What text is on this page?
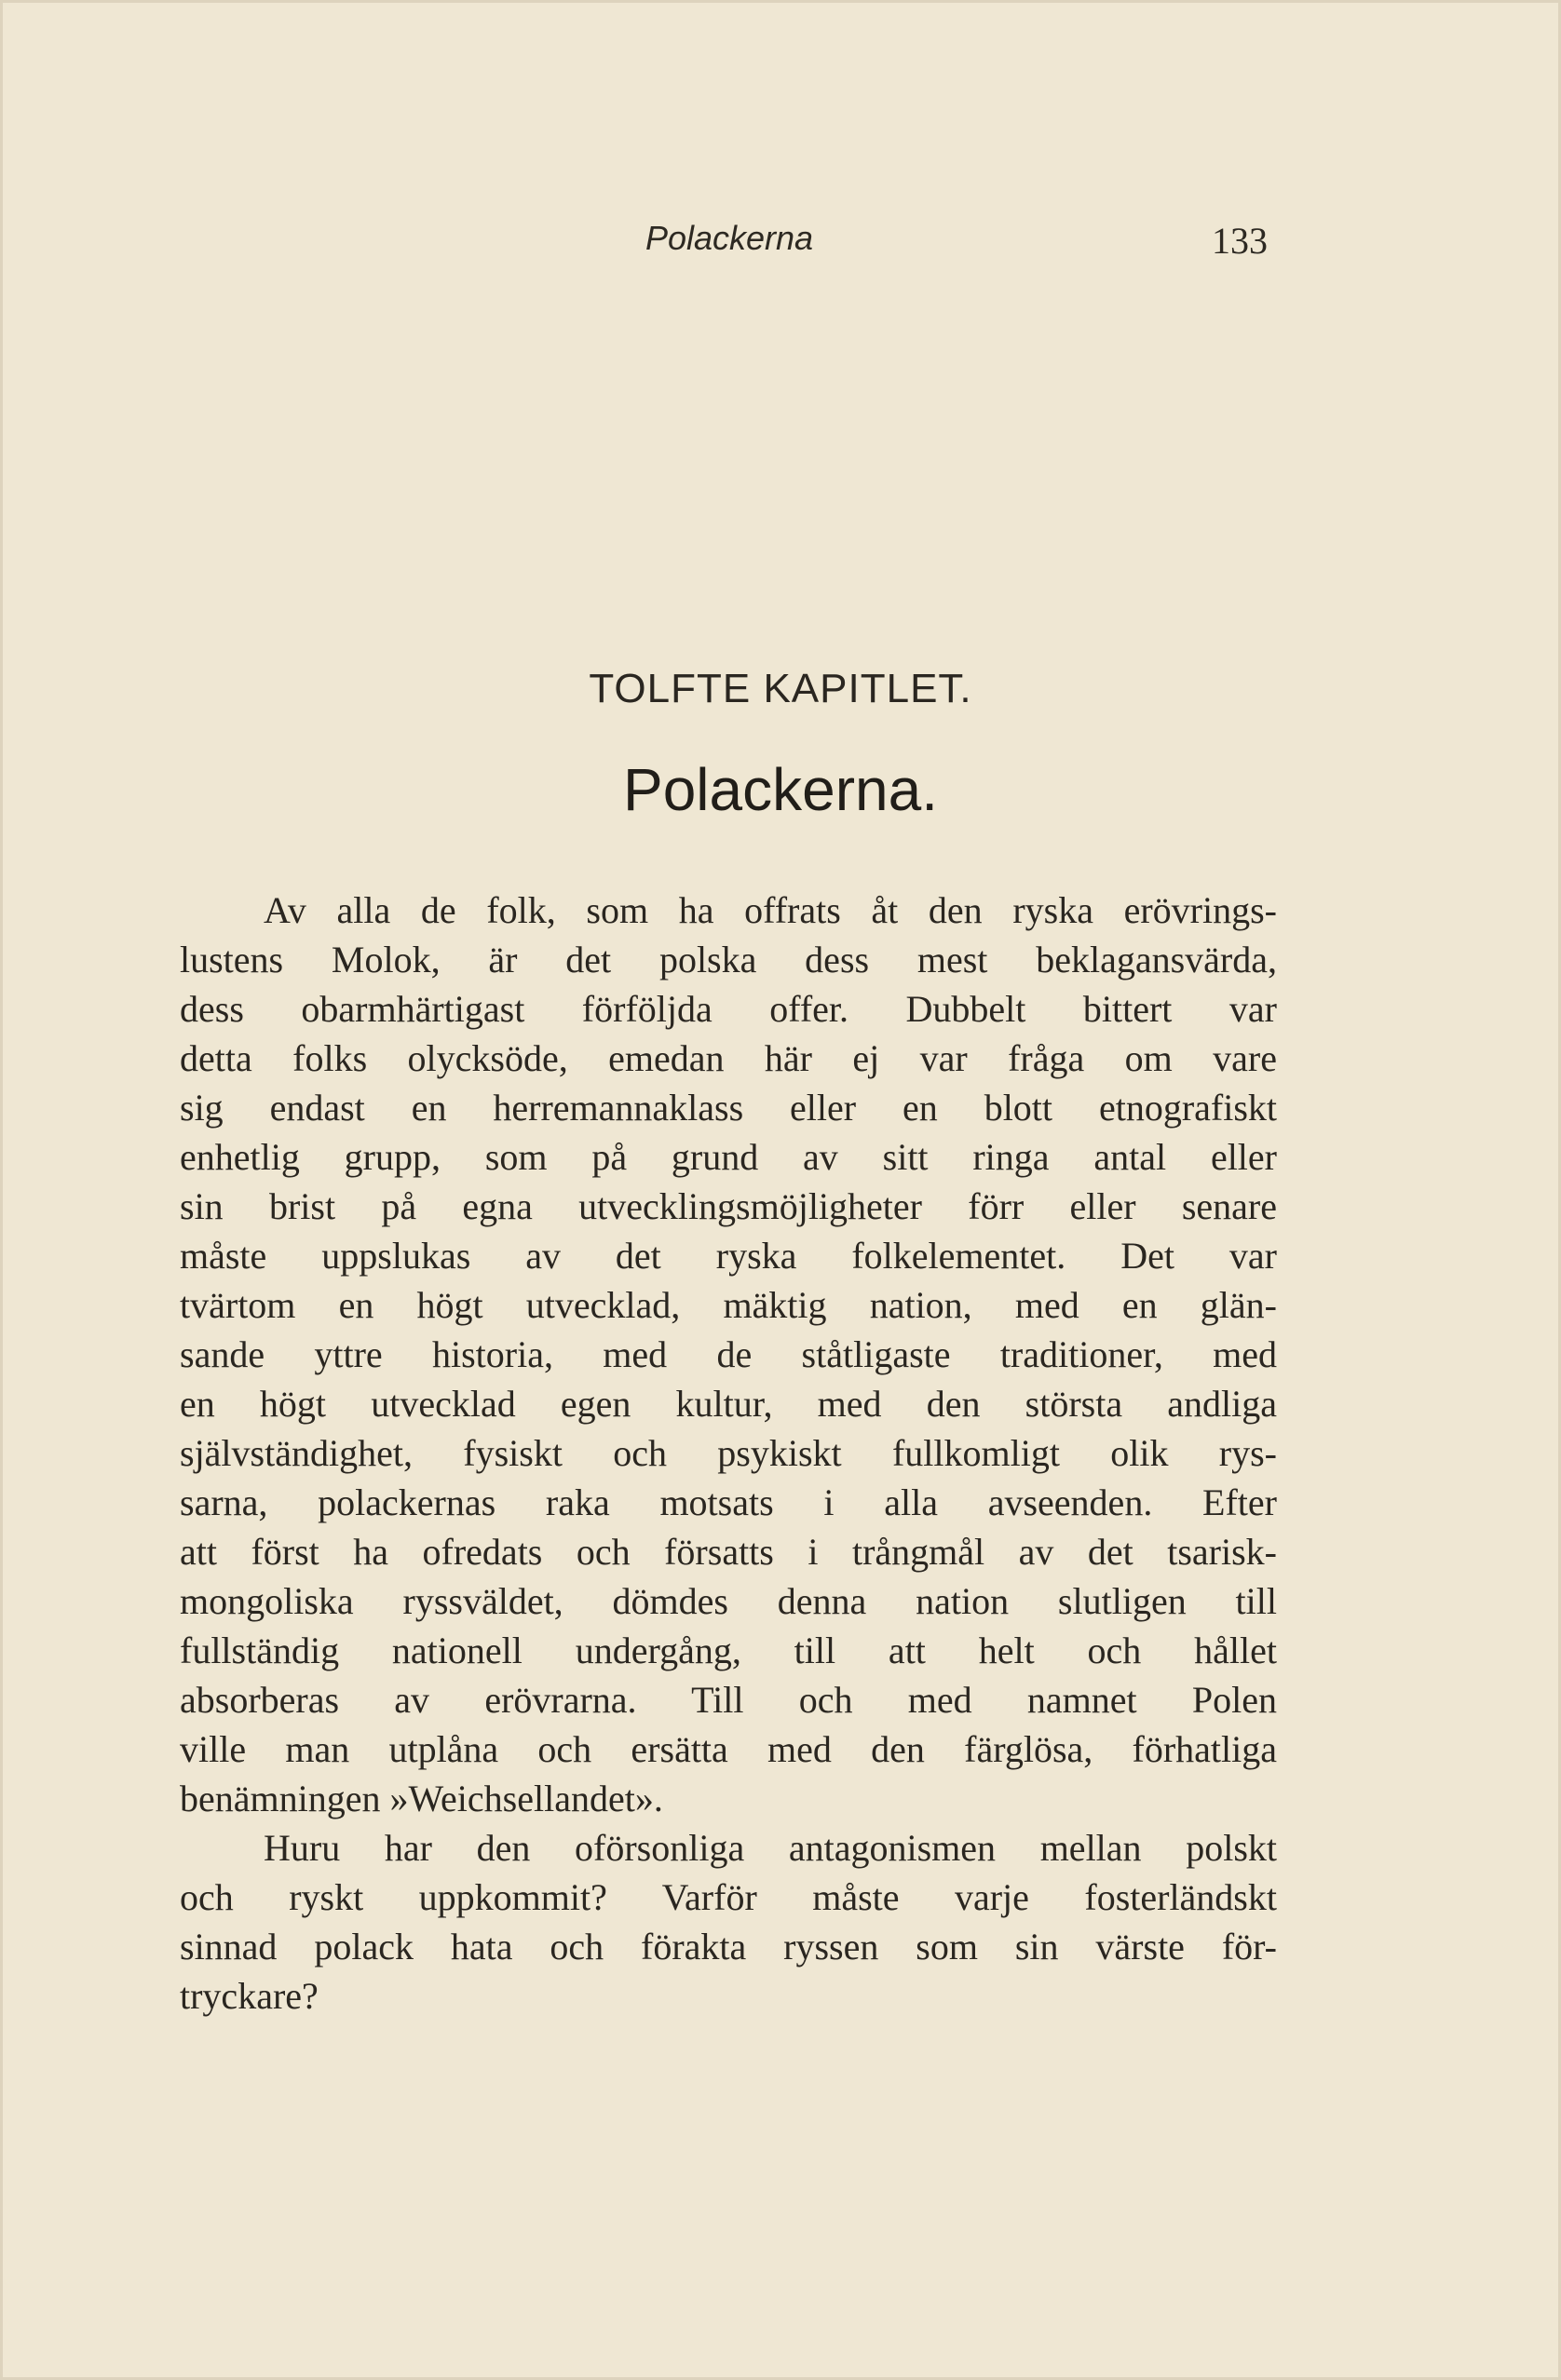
Polackerna	133
TOLFTE KAPITLET.
Polackerna.
Av alla de folk, som ha offrats åt den ryska erövrings-
lustens Molok, är det polska dess mest beklagansvärda,
dess obarmhärtigast förföljda offer. Dubbelt bittert var
detta folks olycksöde, emedan här ej var fråga om vare
sig endast en herremannaklass eller en blott etnografiskt
enhetlig grupp, som på grund av sitt ringa antal eller
sin brist på egna utvecklingsmöjligheter förr eller senare
måste uppslukas av det ryska folkelementet. Det var
tvärtom en högt utvecklad, mäktig nation, med en glän-
sande yttre historia, med de ståtligaste traditioner, med
en högt utvecklad egen kultur, med den största andliga
självständighet, fysiskt och psykiskt fullkomligt olik rys-
sarna, polackernas raka motsats i alla avseenden. Efter
att först ha ofredats och försatts i trångmål av det tsarisk-
mongoliska ryssväldet, dömdes denna nation slutligen till
fullständig nationell undergång, till att helt och hållet
absorberas av erövrarna. Till och med namnet Polen
ville man utplåna och ersätta med den färglösa, förhatliga
benämningen »Weichsellandet».
Huru har den oförsonliga antagonismen mellan polskt
och ryskt uppkommit? Varför måste varje fosterländskt
sinnad polack hata och förakta ryssen som sin värste för-
tryckare?
